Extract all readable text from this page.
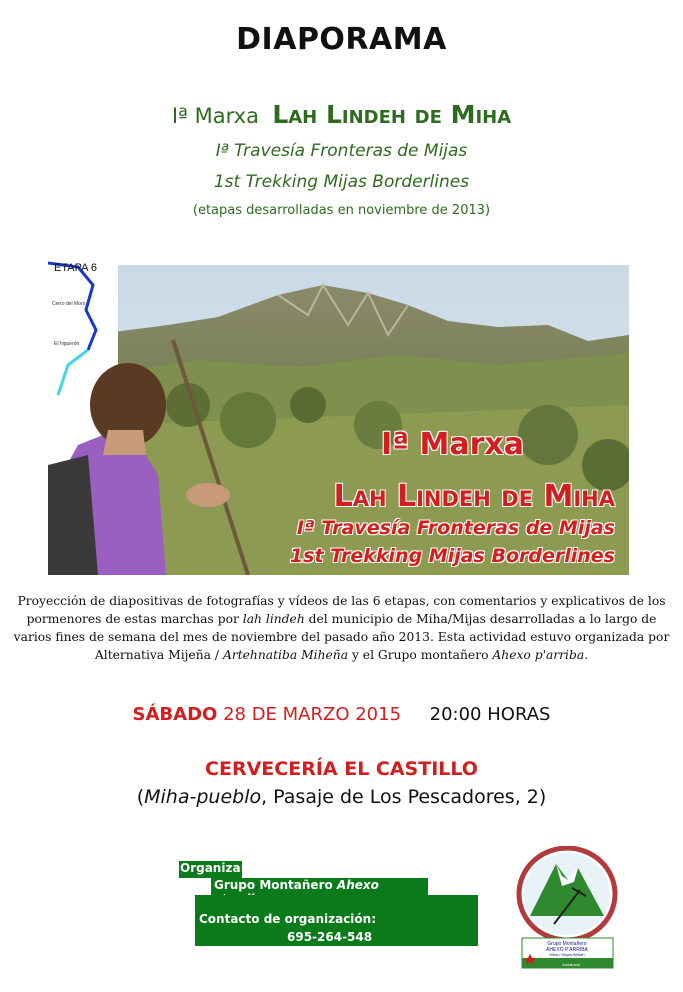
DIAPORAMA
Iª Marxa Lah Lindeh de Miha
Iª Travesía Fronteras de Mijas
1st Trekking Mijas Borderlines
(etapas desarrolladas en noviembre de 2013)
ETAPA 6
Cerro del Moro
El higuerón
Iª Marxa
Lah Lindeh de Miha
Iª Travesía Fronteras de Mijas
1st Trekking Mijas Borderlines
Proyección de diapositivas de fotografías y vídeos de las 6 etapas, con comentarios y explicativos de los pormenores de estas marchas por lah lindeh del municipio de Miha/Mijas desarrolladas a lo largo de varios fines de semana del mes de noviembre del pasado año 2013. Esta actividad estuvo organizada por Alternativa Mijeña / Artehnatiba Miheña y el Grupo montañero Ahexo p'arriba.
SÁBADO 28 DE MARZO 2015 20:00 HORAS
CERVECERÍA EL CASTILLO
(Miha-pueblo, Pasaje de Los Pescadores, 2)
Organiza:
Grupo Montañero Ahexo
Contacto de organización:
695-264-548	Grupo Montañero
AHEXO P'ARRIBA
Miha / Muyer/Mihah
Andalucía
